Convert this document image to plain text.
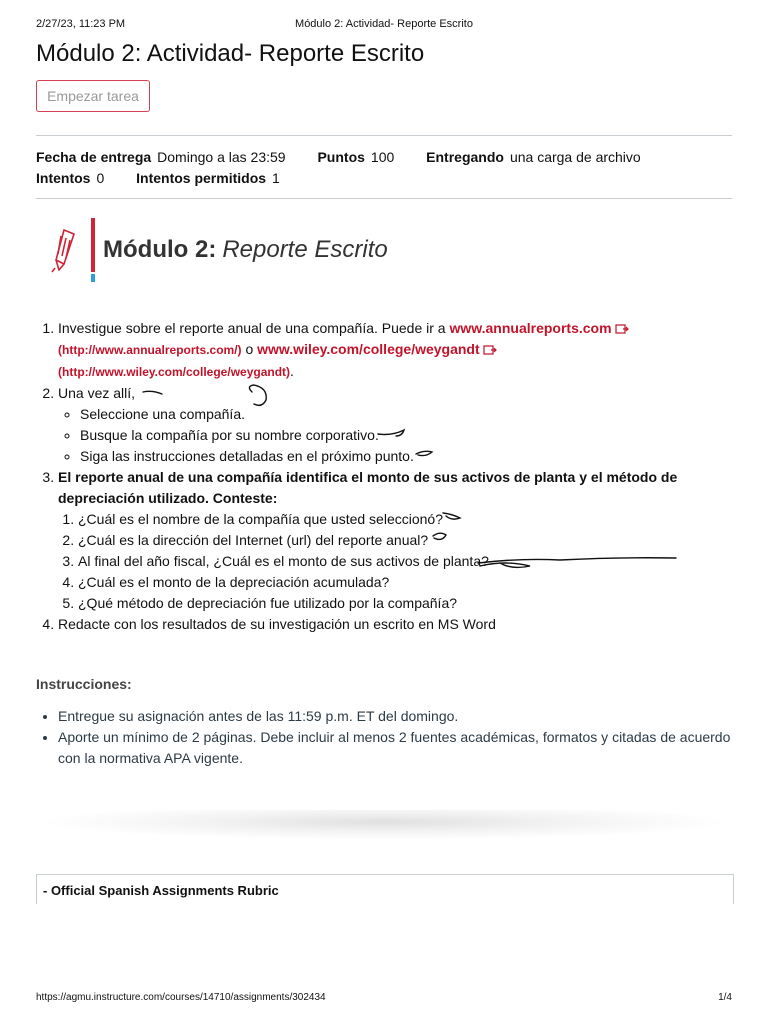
2/27/23, 11:23 PM	Módulo 2: Actividad- Reporte Escrito
Módulo 2: Actividad- Reporte Escrito
Empezar tarea
Fecha de entrega Domingo a las 23:59 Puntos 100 Entregando una carga de archivo
Intentos 0 Intentos permitidos 1
Módulo 2: Reporte Escrito
1. Investigue sobre el reporte anual de una compañía. Puede ir a www.annualreports.com
(http://www.annualreports.com/) o www.wiley.com/college/weygandt
(http://www.wiley.com/college/weygandt).
2. Una vez allí,
◦ Seleccione una compañía.
◦ Busque la compañía por su nombre corporativo.
◦ Siga las instrucciones detalladas en el próximo punto.
3. El reporte anual de una compañía identifica el monto de sus activos de planta y el método de depreciación utilizado. Conteste:
1. ¿Cuál es el nombre de la compañía que usted seleccionó?
2. ¿Cuál es la dirección del Internet (url) del reporte anual?
3. Al final del año fiscal, ¿Cuál es el monto de sus activos de planta?
4. ¿Cuál es el monto de la depreciación acumulada?
5. ¿Qué método de depreciación fue utilizado por la compañía?
4. Redacte con los resultados de su investigación un escrito en MS Word
Instrucciones:
• Entregue su asignación antes de las 11:59 p.m. ET del domingo.
• Aporte un mínimo de 2 páginas. Debe incluir al menos 2 fuentes académicas, formatos y citadas de acuerdo con la normativa APA vigente.
- Official Spanish Assignments Rubric
https://agmu.instructure.com/courses/14710/assignments/302434	1/4
